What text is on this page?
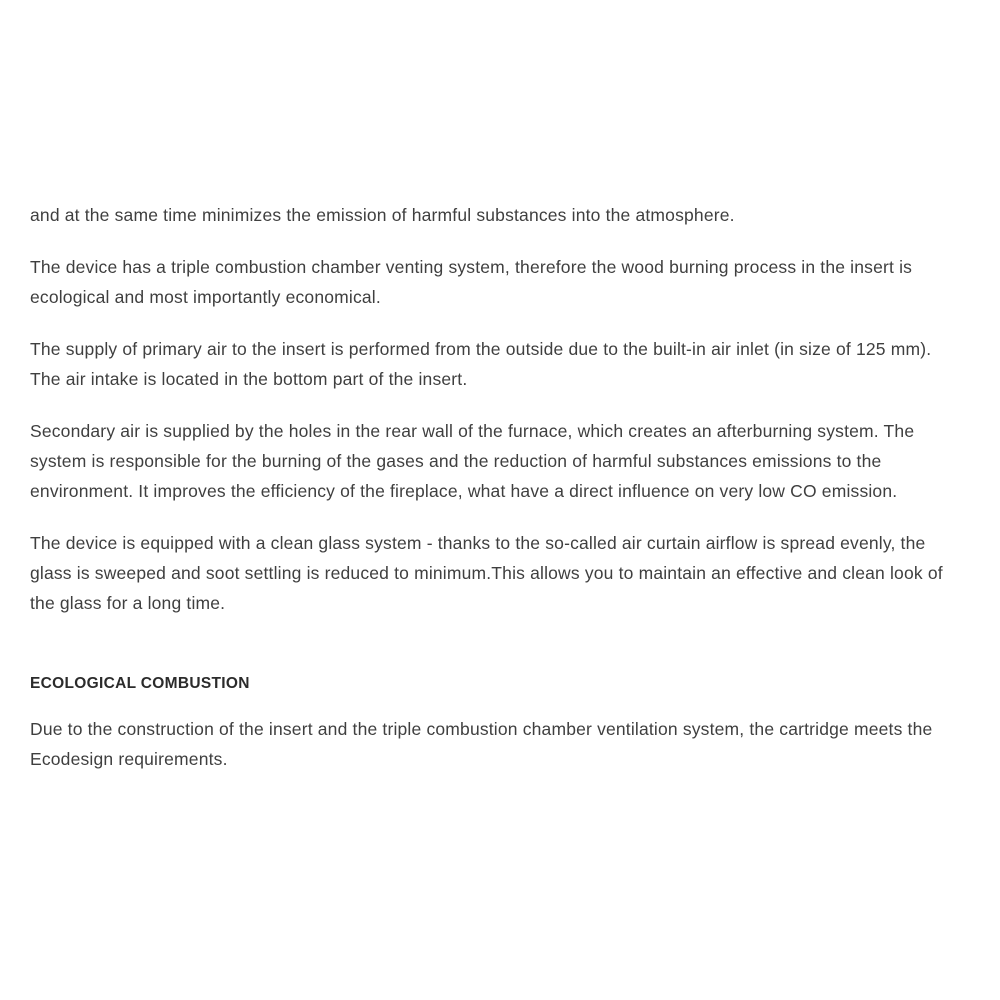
and at the same time minimizes the emission of harmful substances into the atmosphere.

The device has a triple combustion chamber venting system, therefore the wood burning process in the insert is ecological and most importantly economical.

The supply of primary air to the insert is performed from the outside due to the built-in air inlet (in size of 125 mm). The air intake is located in the bottom part of the insert.

Secondary air is supplied by the holes in the rear wall of the furnace, which creates an afterburning system. The system is responsible for the burning of the gases and the reduction of harmful substances emissions to the environment. It improves the efficiency of the fireplace, what have a direct influence on very low CO emission.

The device is equipped with a clean glass system - thanks to the so-called air curtain airflow is spread evenly, the glass is sweeped and soot settling is reduced to minimum.This allows you to maintain an effective and clean look of the glass for a long time.

ECOLOGICAL COMBUSTION

Due to the construction of the insert and the triple combustion chamber ventilation system, the cartridge meets the Ecodesign requirements.
